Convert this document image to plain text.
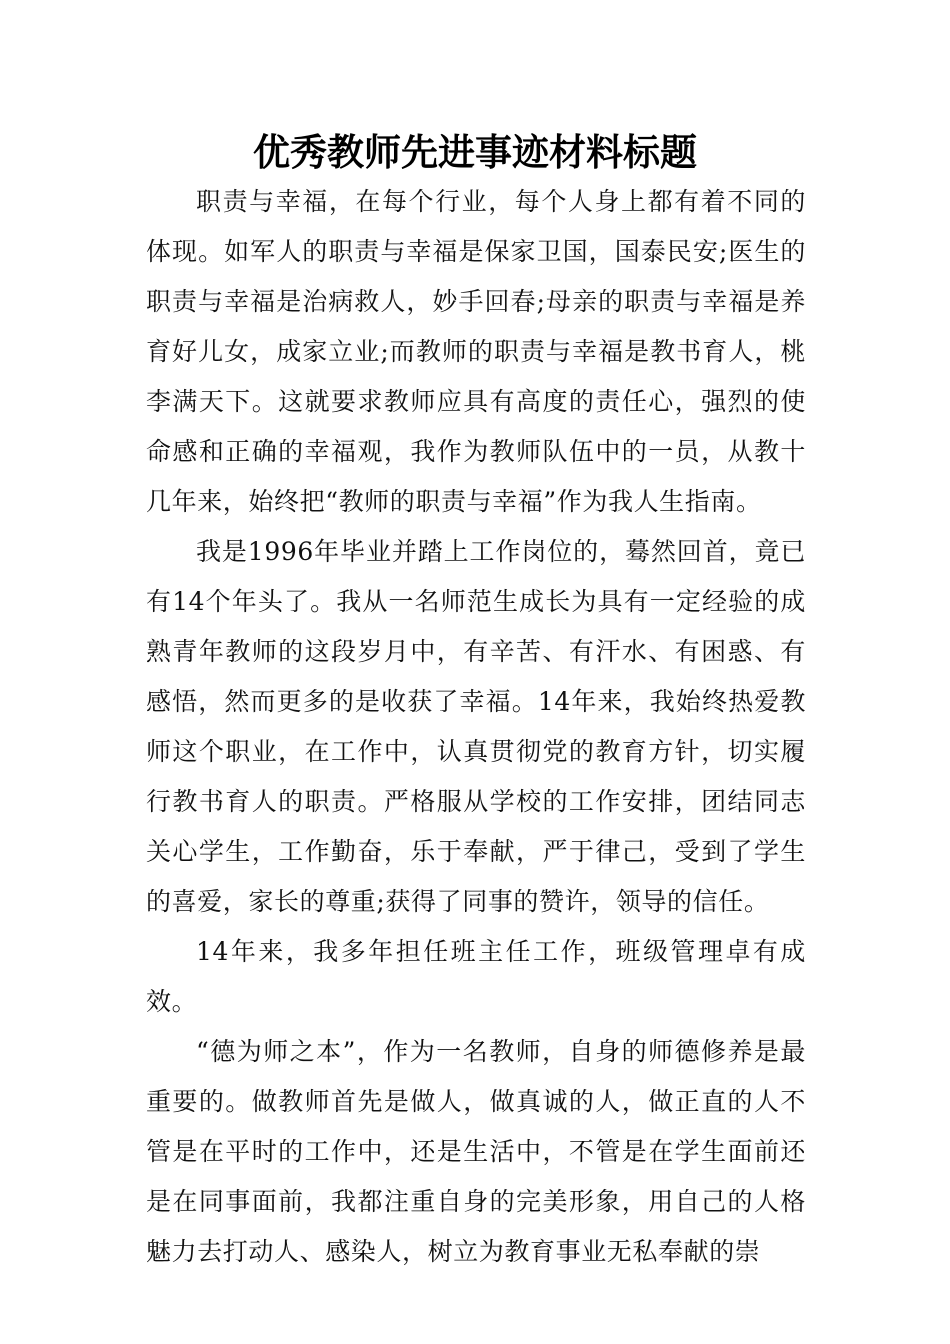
优秀教师先进事迹材料标题

职责与幸福，在每个行业，每个人身上都有着不同的体现。如军人的职责与幸福是保家卫国，国泰民安;医生的职责与幸福是治病救人，妙手回春;母亲的职责与幸福是养育好儿女，成家立业;而教师的职责与幸福是教书育人，桃李满天下。这就要求教师应具有高度的责任心，强烈的使命感和正确的幸福观，我作为教师队伍中的一员，从教十几年来，始终把“教师的职责与幸福”作为我人生指南。

我是1996年毕业并踏上工作岗位的，蓦然回首，竟已有14个年头了。我从一名师范生成长为具有一定经验的成熟青年教师的这段岁月中，有辛苦、有汗水、有困惑、有感悟，然而更多的是收获了幸福。14年来，我始终热爱教师这个职业，在工作中，认真贯彻党的教育方针，切实履行教书育人的职责。严格服从学校的工作安排，团结同志关心学生，工作勤奋，乐于奉献，严于律己，受到了学生的喜爱，家长的尊重;获得了同事的赞许，领导的信任。

14年来，我多年担任班主任工作，班级管理卓有成效。

“德为师之本”，作为一名教师，自身的师德修养是最重要的。做教师首先是做人，做真诚的人，做正直的人不管是在平时的工作中，还是生活中，不管是在学生面前还是在同事面前，我都注重自身的完美形象，用自己的人格魅力去打动人、感染人，树立为教育事业无私奉献的崇
